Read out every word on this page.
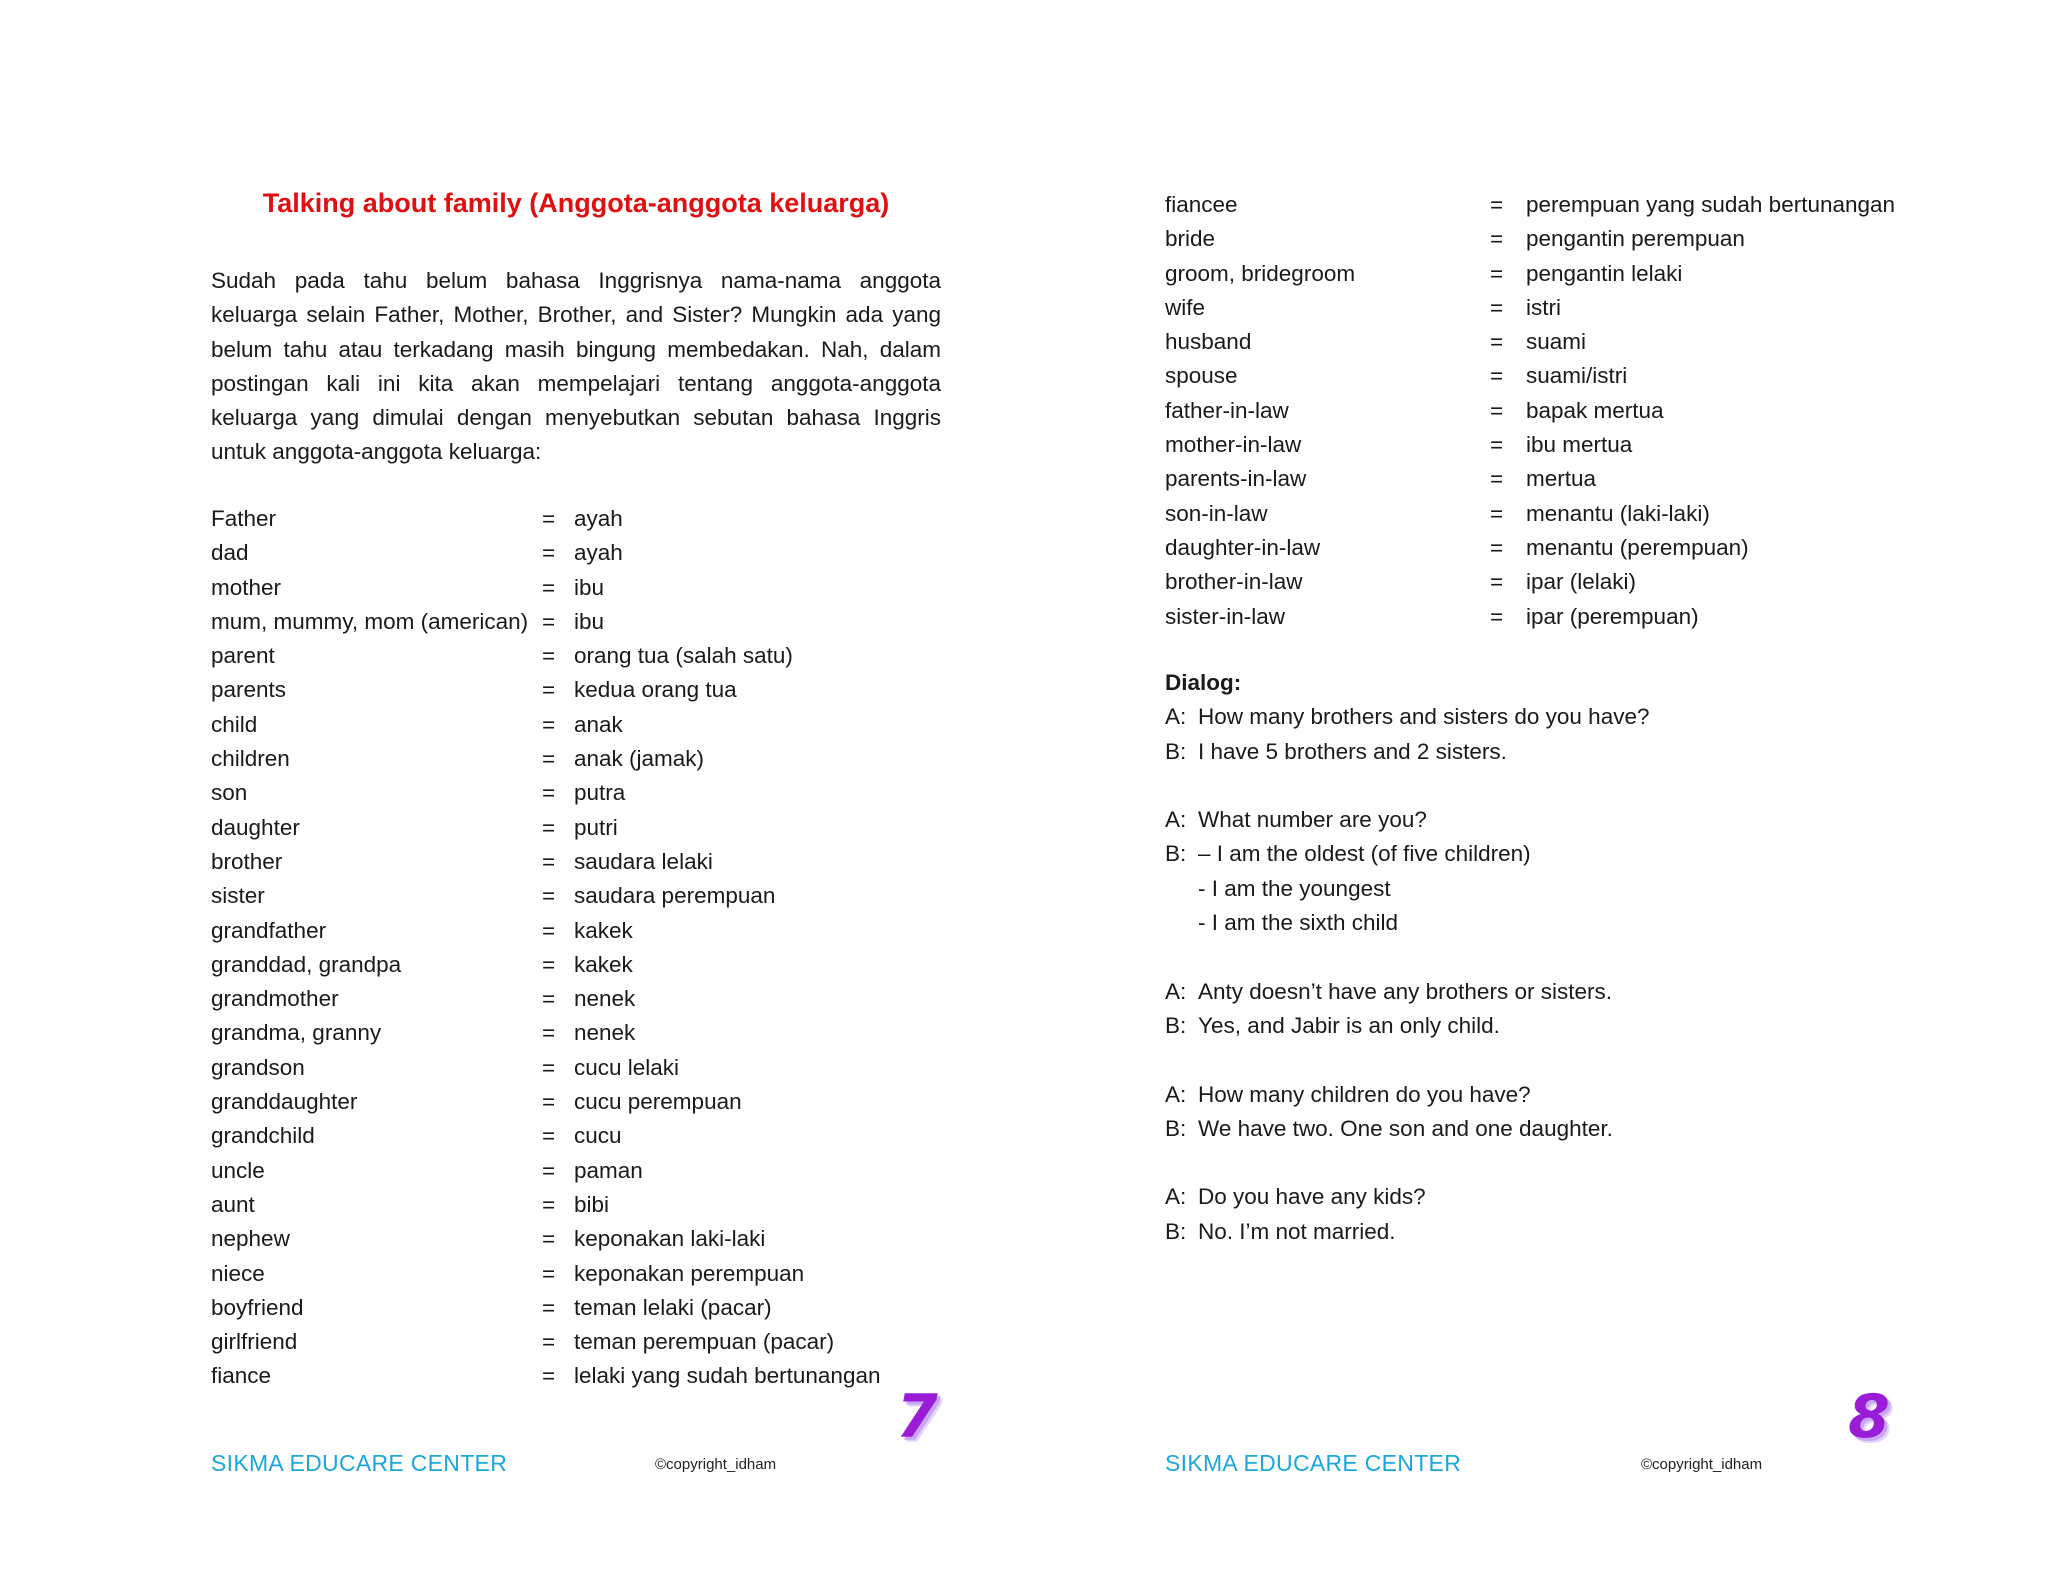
Talking about family (Anggota-anggota keluarga)

Sudah pada tahu belum bahasa Inggrisnya nama-nama anggota keluarga selain Father, Mother, Brother, and Sister? Mungkin ada yang belum tahu atau terkadang masih bingung membedakan. Nah, dalam postingan kali ini kita akan mempelajari tentang anggota-anggota keluarga yang dimulai dengan menyebutkan sebutan bahasa Inggris untuk anggota-anggota keluarga:

Father	= ayah
dad	= ayah
mother	= ibu
mum, mummy, mom (american) = ibu
parent	= orang tua (salah satu)
parents	= kedua orang tua
child	= anak
children	= anak (jamak)
son	= putra
daughter	= putri
brother	= saudara lelaki
sister	= saudara perempuan
grandfather	= kakek
granddad, grandpa	= kakek
grandmother	= nenek
grandma, granny	= nenek
grandson	= cucu lelaki
granddaughter	= cucu perempuan
grandchild	= cucu
uncle	= paman
aunt	= bibi
nephew	= keponakan laki-laki
niece	= keponakan perempuan
boyfriend	= teman lelaki (pacar)
girlfriend	= teman perempuan (pacar)
fiance	= lelaki yang sudah bertunangan
SIKMA EDUCARE CENTER	©copyright_idham
7
fiancee	= perempuan yang sudah bertunangan
bride	= pengantin perempuan
groom, bridegroom	= pengantin lelaki
wife	= istri
husband	= suami
spouse	= suami/istri
father-in-law	= bapak mertua
mother-in-law	= ibu mertua
parents-in-law	= mertua
son-in-law	= menantu (laki-laki)
daughter-in-law	= menantu (perempuan)
brother-in-law	= ipar (lelaki)
sister-in-law	= ipar (perempuan)
Dialog:
A: How many brothers and sisters do you have?
B: I have 5 brothers and 2 sisters.
A: What number are you?
B: – I am the oldest (of five children)
- I am the youngest
- I am the sixth child
A: Anty doesn’t have any brothers or sisters.
B: Yes, and Jabir is an only child.
A: How many children do you have?
B: We have two. One son and one daughter.
A: Do you have any kids?
B: No. I’m not married.
SIKMA EDUCARE CENTER	©copyright_idham
8
